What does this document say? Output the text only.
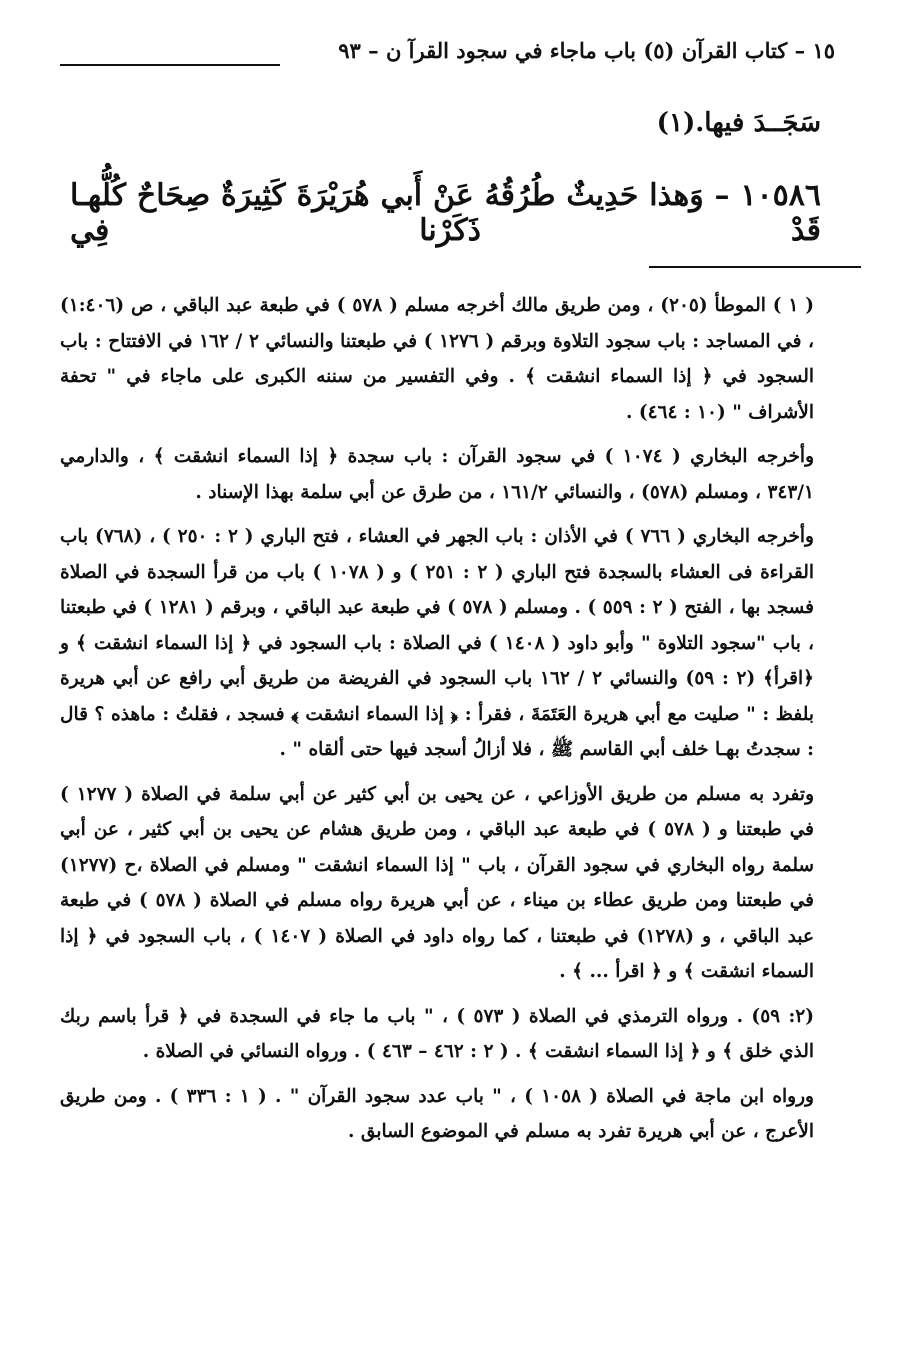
١٥ – كتاب القرآن (٥) باب ماجاء في سجود القرآ ن – ٩٣
سَجَــدَ فيها.(١)
١٠٥٨٦ – وَهذا حَدِيثٌ طُرُقُهُ عَنْ أَبي هُرَيْرَةَ كَثِيرَةٌ صِحَاحٌ كُلُّهـا قَدْ ذَكَرْنا فِي

( ١ ) الموطأ (٢٠٥) ، ومن طريق مالك أخرجه مسلم ( ٥٧٨ ) في طبعة عبد الباقي ، ص (١:٤٠٦) ، في المساجد : باب سجود التلاوة وبرقم ( ١٢٧٦ ) في طبعتنا والنسائي ٢ / ١٦٢ في الافتتاح : باب السجود في ﴿ إذا السماء انشقت ﴾ . وفي التفسير من سننه الكبرى على ماجاء في " تحفة الأشراف " (١٠ : ٤٦٤) .

وأخرجه البخاري ( ١٠٧٤ ) في سجود القرآن : باب سجدة ﴿ إذا السماء انشقت ﴾ ، والدارمي ٣٤٣/١ ، ومسلم (٥٧٨) ، والنسائي ١٦١/٢ ، من طرق عن أبي سلمة بهذا الإسناد .

وأخرجه البخاري ( ٧٦٦ ) في الأذان : باب الجهر في العشاء ، فتح الباري ( ٢ : ٢٥٠ ) ، (٧٦٨) باب القراءة فى العشاء بالسجدة فتح الباري ( ٢ : ٢٥١ ) و ( ١٠٧٨ ) باب من قرأ السجدة في الصلاة فسجد بها ، الفتح ( ٢ : ٥٥٩ ) . ومسلم ( ٥٧٨ ) في طبعة عبد الباقي ، وبرقم ( ١٢٨١ ) في طبعتنا ، باب "سجود التلاوة " وأبو داود ( ١٤٠٨ ) في الصلاة : باب السجود في ﴿ إذا السماء انشقت ﴾ و ﴿اقرأ﴾ (٢ : ٥٩) والنسائي ٢ / ١٦٢ باب السجود في الفريضة من طريق أبي رافع عن أبي هريرة بلفظ : " صليت مع أبي هريرة العَتَمَةَ ، فقرأ : ﴿ إذا السماء انشقت ﴾ فسجد ، فقلتُ : ماهذه ؟ قال : سجدتُ بهـا خلف أبي القاسم ﷺ ، فلا أزالُ أسجد فيها حتى ألقاه " .

وتفرد به مسلم من طريق الأوزاعي ، عن يحيى بن أبي كثير عن أبي سلمة في الصلاة ( ١٢٧٧ ) في طبعتنا و ( ٥٧٨ ) في طبعة عبد الباقي ، ومن طريق هشام عن يحيى بن أبي كثير ، عن أبي سلمة رواه البخاري في سجود القرآن ، باب " إذا السماء انشقت " ومسلم في الصلاة ،ح (١٢٧٧) في طبعتنا ومن طريق عطاء بن ميناء ، عن أبي هريرة رواه مسلم في الصلاة ( ٥٧٨ ) في طبعة عبد الباقي ، و (١٢٧٨) في طبعتنا ، كما رواه داود في الصلاة ( ١٤٠٧ ) ، باب السجود في ﴿ إذا السماء انشقت ﴾ و ﴿ اقرأ ... ﴾ .

(٢: ٥٩) . ورواه الترمذي في الصلاة ( ٥٧٣ ) ، " باب ما جاء في السجدة في ﴿ قرأ باسم ربك الذي خلق ﴾ و ﴿ إذا السماء انشقت ﴾ . ( ٢ : ٤٦٢ – ٤٦٣ ) . ورواه النسائي في الصلاة .

ورواه ابن ماجة في الصلاة ( ١٠٥٨ ) ، " باب عدد سجود القرآن " . ( ١ : ٣٣٦ ) . ومن طريق الأعرج ، عن أبي هريرة تفرد به مسلم في الموضوع السابق .
